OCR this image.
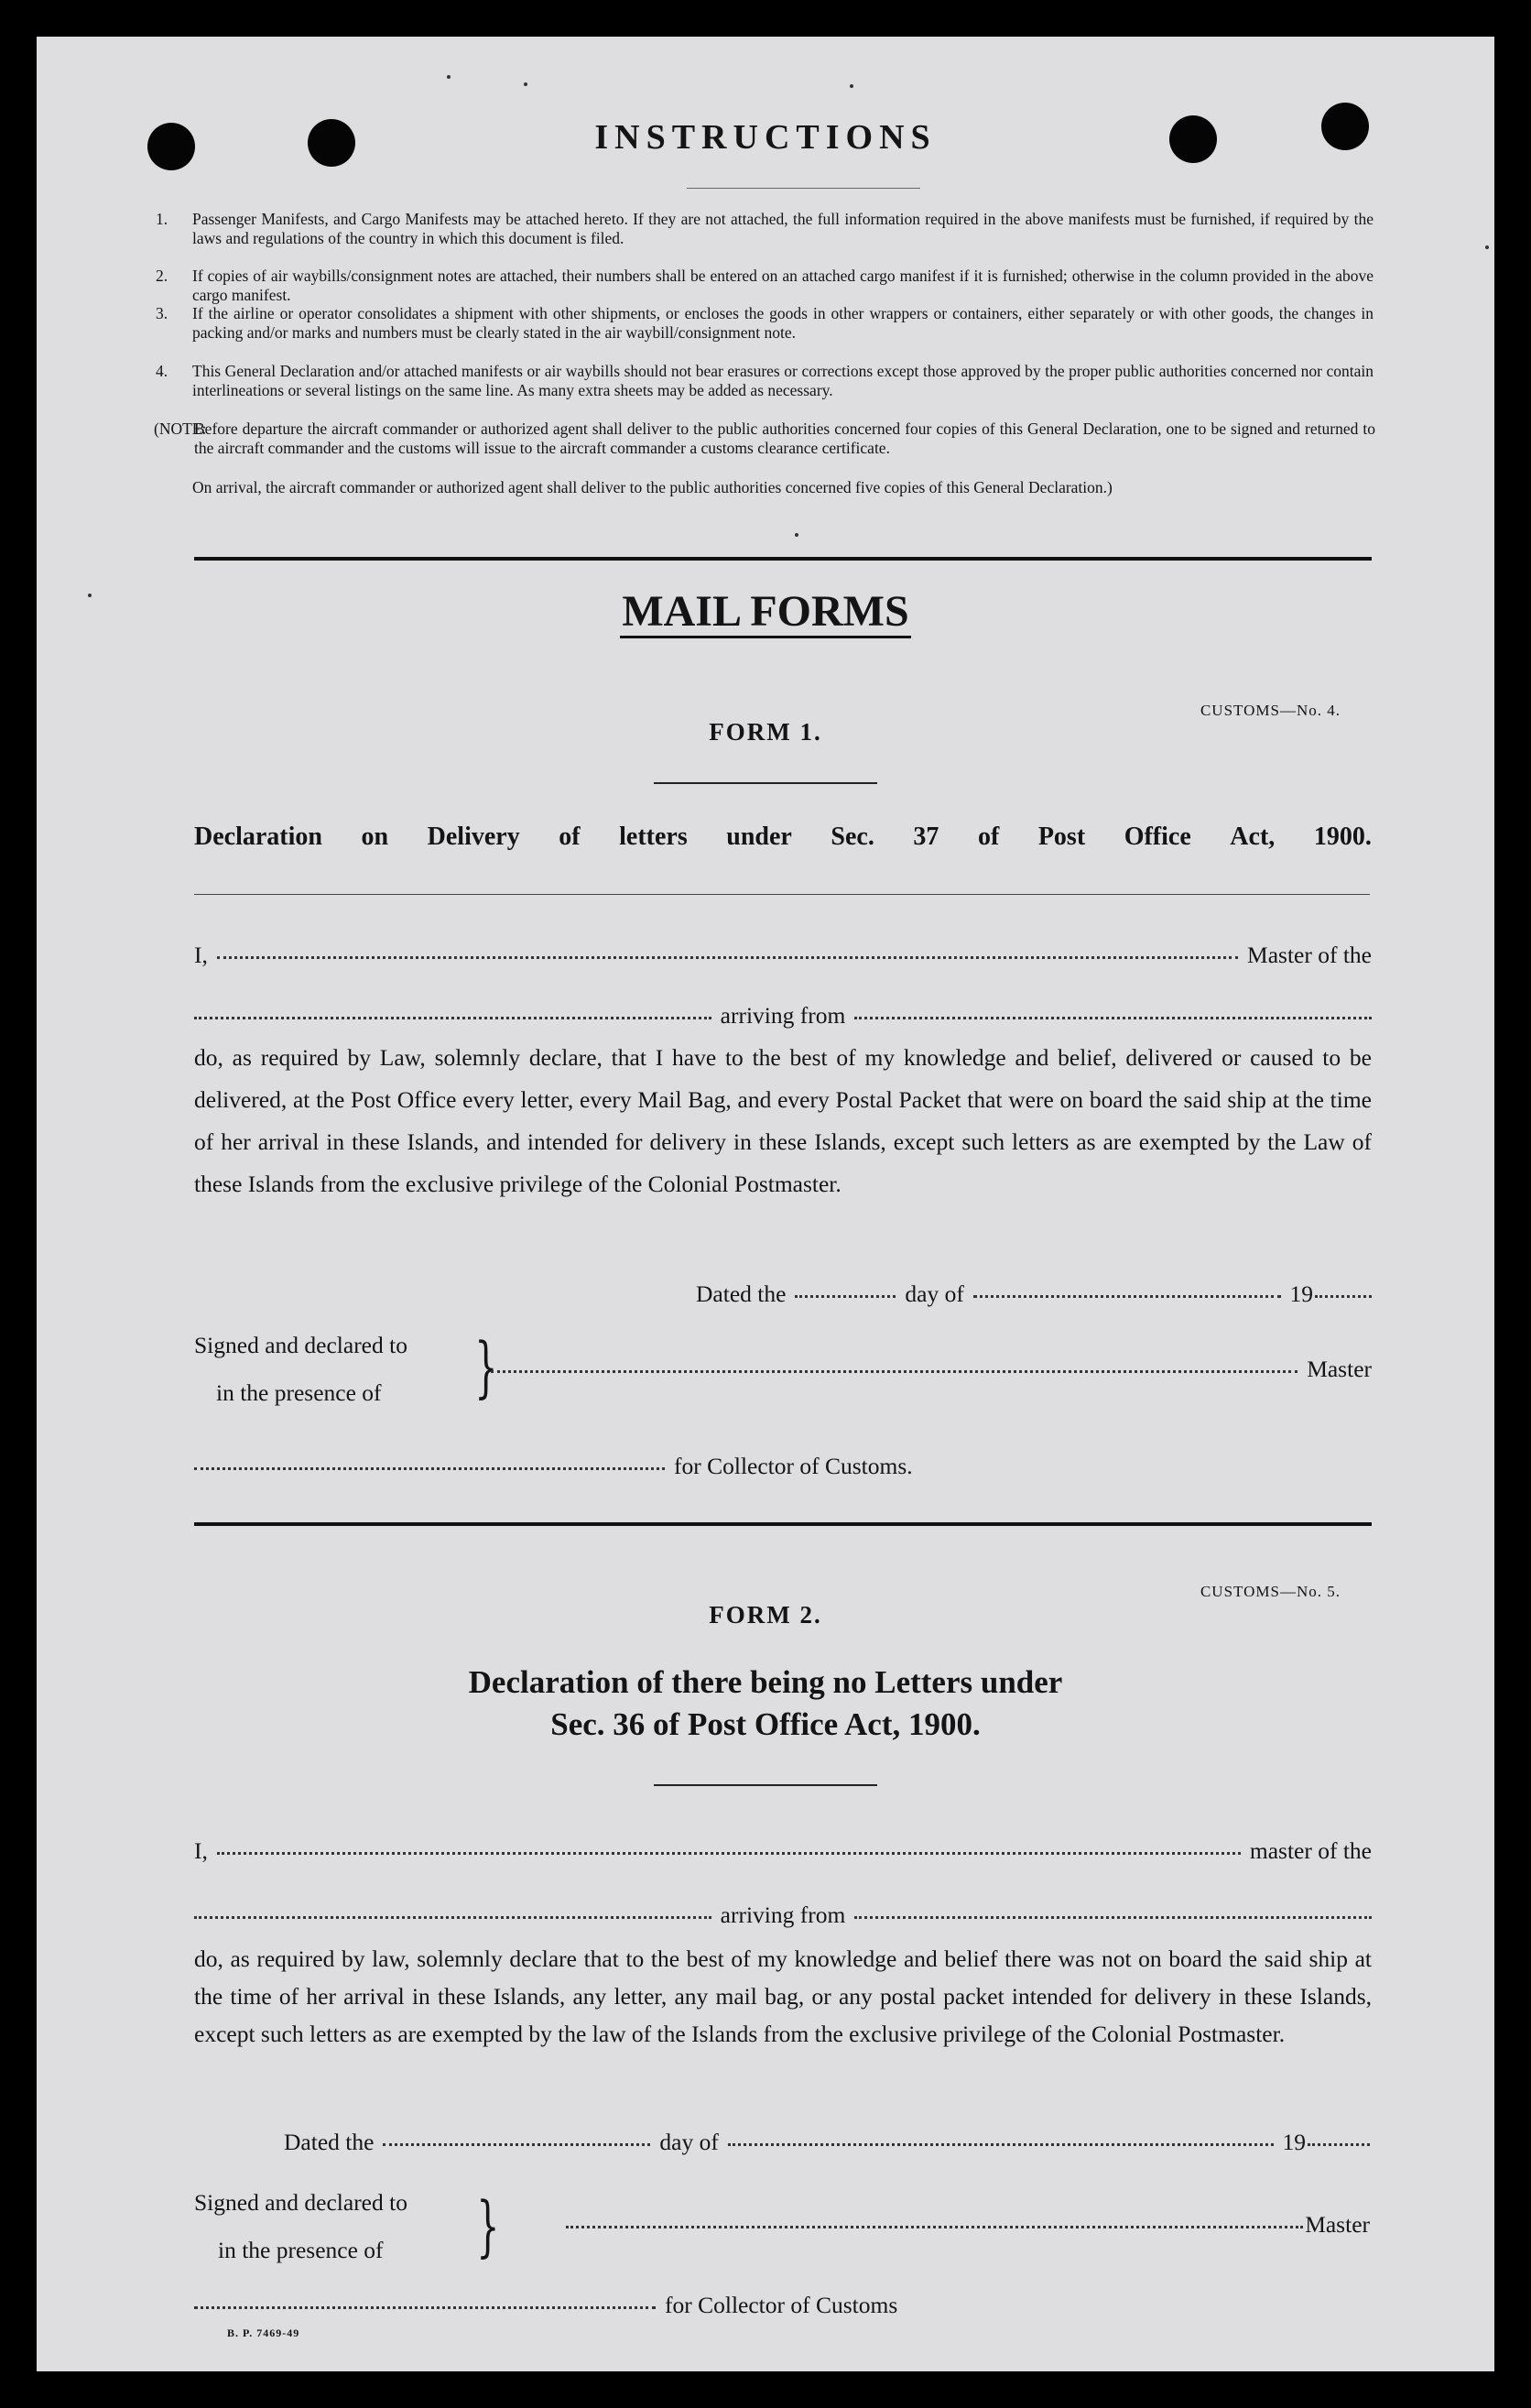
INSTRUCTIONS
1. Passenger Manifests, and Cargo Manifests may be attached hereto. If they are not attached, the full information required in the above manifests must be furnished, if required by the laws and regulations of the country in which this document is filed.
2. If copies of air waybills/consignment notes are attached, their numbers shall be entered on an attached cargo manifest if it is furnished; otherwise in the column provided in the above cargo manifest.
3. If the airline or operator consolidates a shipment with other shipments, or encloses the goods in other wrappers or containers, either separately or with other goods, the changes in packing and/or marks and numbers must be clearly stated in the air waybill/consignment note.
4. This General Declaration and/or attached manifests or air waybills should not bear erasures or corrections except those approved by the proper public authorities concerned nor contain interlineations or several listings on the same line. As many extra sheets may be added as necessary.
(NOTE:
Before departure the aircraft commander or authorized agent shall deliver to the public authorities concerned four copies of this General Declaration, one to be signed and returned to the aircraft commander and the customs will issue to the aircraft commander a customs clearance certificate.
On arrival, the aircraft commander or authorized agent shall deliver to the public authorities concerned five copies of this General Declaration.)
MAIL FORMS
CUSTOMS—No. 4.
FORM 1.
Declaration on Delivery of letters under Sec. 37 of Post Office Act, 1900.
I,	Master of the
arriving from
do, as required by Law, solemnly declare, that I have to the best of my knowledge and belief, delivered or caused to be delivered, at the Post Office every letter, every Mail Bag, and every Postal Packet that were on board the said ship at the time of her arrival in these Islands, and intended for delivery in these Islands, except such letters as are exempted by the Law of these Islands from the exclusive privilege of the Colonial Postmaster.
Dated the	day of	19
Signed and declared to
in the presence of	}	Master
for Collector of Customs.
CUSTOMS—No. 5.
FORM 2.
Declaration of there being no Letters under
Sec. 36 of Post Office Act, 1900.
I,	master of the
arriving from
do, as required by law, solemnly declare that to the best of my knowledge and belief there was not on board the said ship at the time of her arrival in these Islands, any letter, any mail bag, or any postal packet intended for delivery in these Islands, except such letters as are exempted by the law of the Islands from the exclusive privilege of the Colonial Postmaster.
Dated the	day of	19
Signed and declared to
in the presence of	}	Master
for Collector of Customs
B. P. 7469-49
